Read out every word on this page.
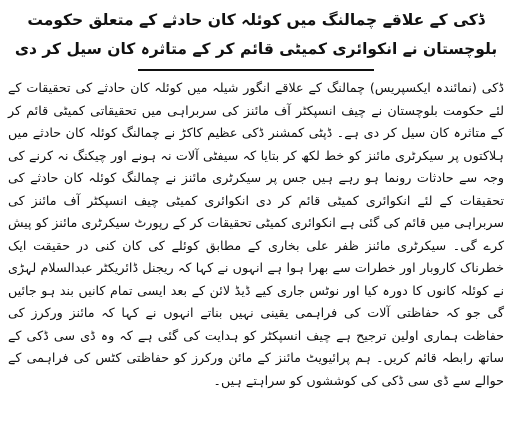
ڈکی کے علاقے چمالنگ میں کوئلہ کان حادثے کے متعلق حکومت بلوچستان نے انکوائری کمیٹی قائم کر کے متاثرہ کان سیل کر دی

ڈکی (نمائندہ ایکسپریس) چمالنگ کے علاقے انگور شیلہ میں کوئلہ کان حادثے کی تحقیقات کے لئے حکومت بلوچستان نے چیف انسپکٹر آف مائنز کی سربراہی میں تحقیقاتی کمیٹی قائم کر کے متاثرہ کان سیل کر دی ہے۔ ڈپٹی کمشنر ڈکی عظیم کاکڑ نے چمالنگ کوئلہ کان حادثے میں ہلاکتوں پر سیکرٹری مائنز کو خط لکھ کر بتایا کہ سیفٹی آلات نہ ہونے اور چیکنگ نہ کرنے کی وجہ سے حادثات رونما ہو رہے ہیں جس پر سیکرٹری مائنز نے چمالنگ کوئلہ کان حادثے کی تحقیقات کے لئے انکوائری کمیٹی قائم کر دی انکوائری کمیٹی چیف انسپکٹر آف مائنز کی سربراہی میں قائم کی گئی ہے انکوائری کمیٹی تحقیقات کر کے رپورٹ سیکرٹری مائنز کو پیش کرے گی۔ سیکرٹری مائنز ظفر علی بخاری کے مطابق کوئلے کی کان کنی در حقیقت ایک خطرناک کاروبار اور خطرات سے بھرا ہوا ہے انہوں نے کہا کہ ریجنل ڈائریکٹر عبدالسلام لہڑی نے کوئلہ کانوں کا دورہ کیا اور نوٹس جاری کیے ڈیڈ لائن کے بعد ایسی تمام کانیں بند ہو جائیں گی جو کہ حفاظتی آلات کی فراہمی یقینی نہیں بناتے انہوں نے کہا کہ مائنز ورکرز کی حفاظت ہماری اولین ترجیح ہے چیف انسپکٹر کو ہدایت کی گئی ہے کہ وہ ڈی سی ڈکی کے ساتھ رابطہ قائم کریں۔ ہم پرائیویٹ مائنز کے مائن ورکرز کو حفاظتی کٹس کی فراہمی کے حوالے سے ڈی سی ڈکی کی کوششوں کو سراہتے ہیں۔
